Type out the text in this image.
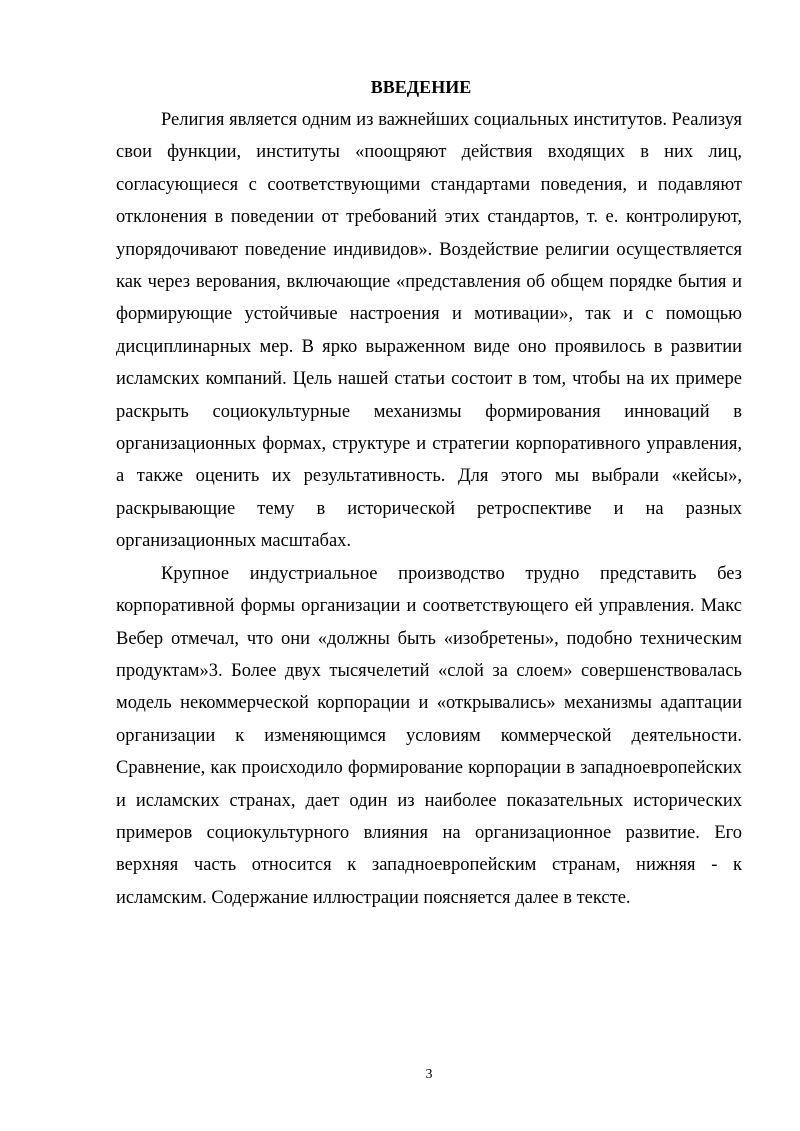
ВВЕДЕНИЕ

Религия является одним из важнейших социальных институтов. Реализуя свои функции, институты «поощряют действия входящих в них лиц, согласующиеся с соответствующими стандартами поведения, и подавляют отклонения в поведении от требований этих стандартов, т. е. контролируют, упорядочивают поведение индивидов». Воздействие религии осуществляется как через верования, включающие «представления об общем порядке бытия и формирующие устойчивые настроения и мотивации», так и с помощью дисциплинарных мер. В ярко выраженном виде оно проявилось в развитии исламских компаний. Цель нашей статьи состоит в том, чтобы на их примере раскрыть социокультурные механизмы формирования инноваций в организационных формах, структуре и стратегии корпоративного управления, а также оценить их результативность. Для этого мы выбрали «кейсы», раскрывающие тему в исторической ретроспективе и на разных организационных масштабах.

Крупное индустриальное производство трудно представить без корпоративной формы организации и соответствующего ей управления. Макс Вебер отмечал, что они «должны быть «изобретены», подобно техническим продуктам»3. Более двух тысячелетий «слой за слоем» совершенствовалась модель некоммерческой корпорации и «открывались» механизмы адаптации организации к изменяющимся условиям коммерческой деятельности. Сравнение, как происходило формирование корпорации в западноевропейских и исламских странах, дает один из наиболее показательных исторических примеров социокультурного влияния на организационное развитие. Его верхняя часть относится к западноевропейским странам, нижняя - к исламским. Содержание иллюстрации поясняется далее в тексте.

3
